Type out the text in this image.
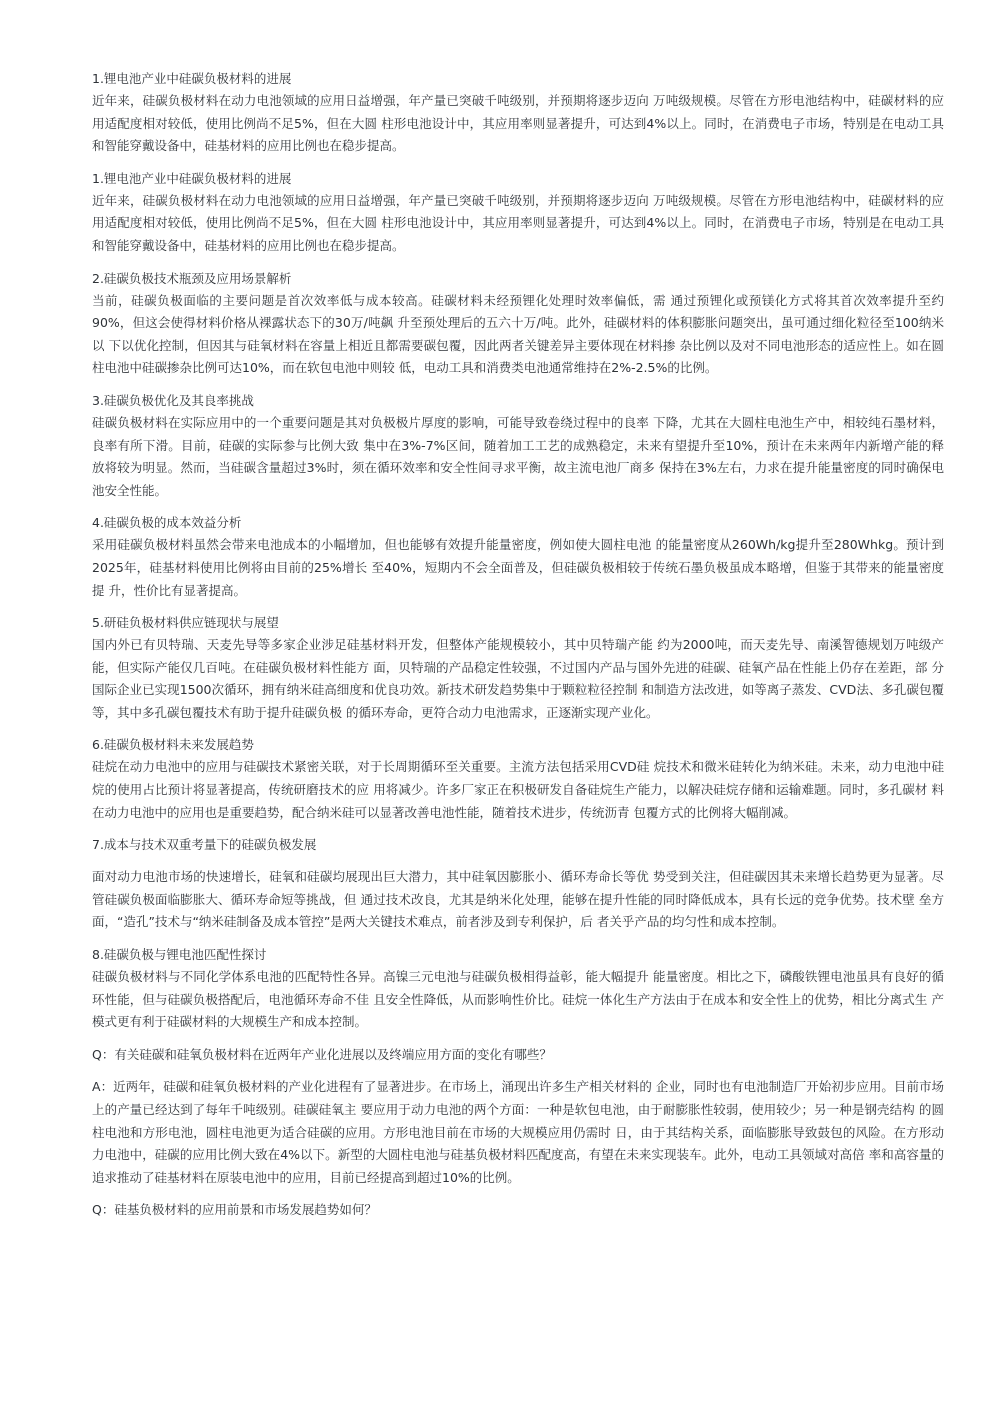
1.锂电池产业中硅碳负极材料的进展

近年来，硅碳负极材料在动力电池领域的应用日益增强，年产量已突破千吨级别，并预期将逐步迈向 万吨级规模。尽管在方形电池结构中，硅碳材料的应用适配度相对较低，使用比例尚不足5%，但在大圆 柱形电池设计中，其应用率则显著提升，可达到4%以上。同时，在消费电子市场，特别是在电动工具 和智能穿戴设备中，硅基材料的应用比例也在稳步提高。

1.锂电池产业中硅碳负极材料的进展

近年来，硅碳负极材料在动力电池领域的应用日益增强，年产量已突破千吨级别，并预期将逐步迈向 万吨级规模。尽管在方形电池结构中，硅碳材料的应用适配度相对较低，使用比例尚不足5%，但在大圆 柱形电池设计中，其应用率则显著提升，可达到4%以上。同时，在消费电子市场，特别是在电动工具 和智能穿戴设备中，硅基材料的应用比例也在稳步提高。

2.硅碳负极技术瓶颈及应用场景解析

当前，硅碳负极面临的主要问题是首次效率低与成本较高。硅碳材料未经预锂化处理时效率偏低，需 通过预锂化或预镁化方式将其首次效率提升至约90%，但这会使得材料价格从裸露状态下的30万/吨飙 升至预处理后的五六十万/吨。此外，硅碳材料的体积膨胀问题突出，虽可通过细化粒径至100纳米以 下以优化控制，但因其与硅氧材料在容量上相近且都需要碳包覆，因此两者关键差异主要体现在材料掺 杂比例以及对不同电池形态的适应性上。如在圆柱电池中硅碳掺杂比例可达10%，而在软包电池中则较 低，电动工具和消费类电池通常维持在2%-2.5%的比例。

3.硅碳负极优化及其良率挑战

硅碳负极材料在实际应用中的一个重要问题是其对负极极片厚度的影响，可能导致卷绕过程中的良率 下降，尤其在大圆柱电池生产中，相较纯石墨材料，良率有所下滑。目前，硅碳的实际参与比例大致 集中在3%-7%区间，随着加工工艺的成熟稳定，未来有望提升至10%，预计在未来两年内新增产能的释 放将较为明显。然而，当硅碳含量超过3%时，须在循环效率和安全性间寻求平衡，故主流电池厂商多 保持在3%左右，力求在提升能量密度的同时确保电池安全性能。

4.硅碳负极的成本效益分析

采用硅碳负极材料虽然会带来电池成本的小幅增加，但也能够有效提升能量密度，例如使大圆柱电池 的能量密度从260Wh/kg提升至280Whkg。预计到2025年，硅基材料使用比例将由目前的25%增长 至40%，短期内不会全面普及，但硅碳负极相较于传统石墨负极虽成本略增，但鉴于其带来的能量密度提 升，性价比有显著提高。

5.研硅负极材料供应链现状与展望

国内外已有贝特瑞、天麦先导等多家企业涉足硅基材料开发，但整体产能规模较小，其中贝特瑞产能 约为2000吨，而天麦先导、南溪智德规划万吨级产能，但实际产能仅几百吨。在硅碳负极材料性能方 面，贝特瑞的产品稳定性较强，不过国内产品与国外先进的硅碳、硅氧产品在性能上仍存在差距，部 分国际企业已实现1500次循环，拥有纳米硅高细度和优良功效。新技术研发趋势集中于颗粒粒径控制 和制造方法改进，如等离子蒸发、CVD法、多孔碳包覆等，其中多孔碳包覆技术有助于提升硅碳负极 的循环寿命，更符合动力电池需求，正逐渐实现产业化。

6.硅碳负极材料未来发展趋势

硅烷在动力电池中的应用与硅碳技术紧密关联，对于长周期循环至关重要。主流方法包括采用CVD硅 烷技术和微米硅转化为纳米硅。未来，动力电池中硅烷的使用占比预计将显著提高，传统研磨技术的应 用将减少。许多厂家正在积极研发自备硅烷生产能力，以解决硅烷存储和运输难题。同时，多孔碳材 料在动力电池中的应用也是重要趋势，配合纳米硅可以显著改善电池性能，随着技术进步，传统沥青 包覆方式的比例将大幅削减。

7.成本与技术双重考量下的硅碳负极发展

面对动力电池市场的快速增长，硅氧和硅碳均展现出巨大潜力，其中硅氧因膨胀小、循环寿命长等优 势受到关注，但硅碳因其未来增长趋势更为显著。尽管硅碳负极面临膨胀大、循环寿命短等挑战，但 通过技术改良，尤其是纳米化处理，能够在提升性能的同时降低成本，具有长远的竞争优势。技术壁 垒方面，“造孔”技术与“纳米硅制备及成本管控”是两大关键技术难点，前者涉及到专利保护，后 者关乎产品的均匀性和成本控制。

8.硅碳负极与锂电池匹配性探讨

硅碳负极材料与不同化学体系电池的匹配特性各异。高镍三元电池与硅碳负极相得益彰，能大幅提升 能量密度。相比之下，磷酸铁锂电池虽具有良好的循环性能，但与硅碳负极搭配后，电池循环寿命不佳 且安全性降低，从而影响性价比。硅烷一体化生产方法由于在成本和安全性上的优势，相比分离式生 产模式更有利于硅碳材料的大规模生产和成本控制。

Q：有关硅碳和硅氧负极材料在近两年产业化进展以及终端应用方面的变化有哪些？

A：近两年，硅碳和硅氧负极材料的产业化进程有了显著进步。在市场上，涌现出许多生产相关材料的 企业，同时也有电池制造厂开始初步应用。目前市场上的产量已经达到了每年千吨级别。硅碳硅氧主 要应用于动力电池的两个方面：一种是软包电池，由于耐膨胀性较弱，使用较少；另一种是钢壳结构 的圆柱电池和方形电池，圆柱电池更为适合硅碳的应用。方形电池目前在市场的大规模应用仍需时 日，由于其结构关系，面临膨胀导致鼓包的风险。在方形动力电池中，硅碳的应用比例大致在4%以下。新型的大圆柱电池与硅基负极材料匹配度高，有望在未来实现装车。此外，电动工具领域对高倍 率和高容量的追求推动了硅基材料在原装电池中的应用，目前已经提高到超过10%的比例。

Q：硅基负极材料的应用前景和市场发展趋势如何？
